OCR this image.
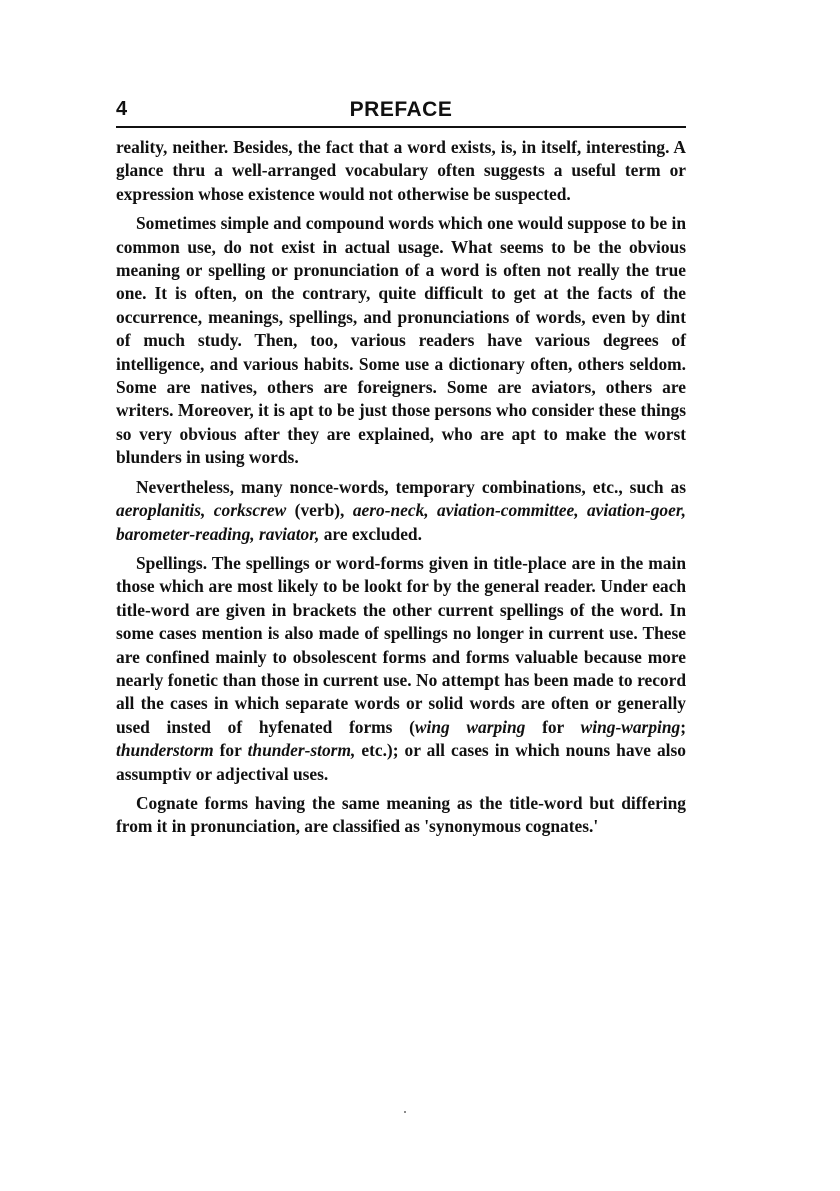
4	PREFACE

reality, neither. Besides, the fact that a word exists, is, in itself, interesting. A glance thru a well-arranged vocabulary often suggests a useful term or expression whose existence would not otherwise be suspected.

Sometimes simple and compound words which one would suppose to be in common use, do not exist in actual usage. What seems to be the obvious meaning or spelling or pronunciation of a word is often not really the true one. It is often, on the contrary, quite difficult to get at the facts of the occurrence, meanings, spellings, and pronunciations of words, even by dint of much study. Then, too, various readers have various degrees of intelligence, and various habits. Some use a dictionary often, others seldom. Some are natives, others are foreigners. Some are aviators, others are writers. Moreover, it is apt to be just those persons who consider these things so very obvious after they are explained, who are apt to make the worst blunders in using words.

Nevertheless, many nonce-words, temporary combinations, etc., such as aeroplanitis, corkscrew (verb), aero-neck, aviation-committee, aviation-goer, barometer-reading, raviator, are excluded.

Spellings. The spellings or word-forms given in title-place are in the main those which are most likely to be lookt for by the general reader. Under each title-word are given in brackets the other current spellings of the word. In some cases mention is also made of spellings no longer in current use. These are confined mainly to obsolescent forms and forms valuable because more nearly fonetic than those in current use. No attempt has been made to record all the cases in which separate words or solid words are often or generally used insted of hyfenated forms (wing warping for wing-warping; thunderstorm for thunder-storm, etc.); or all cases in which nouns have also assumptiv or adjectival uses.

Cognate forms having the same meaning as the title-word but differing from it in pronunciation, are classified as 'synonymous cognates.'
